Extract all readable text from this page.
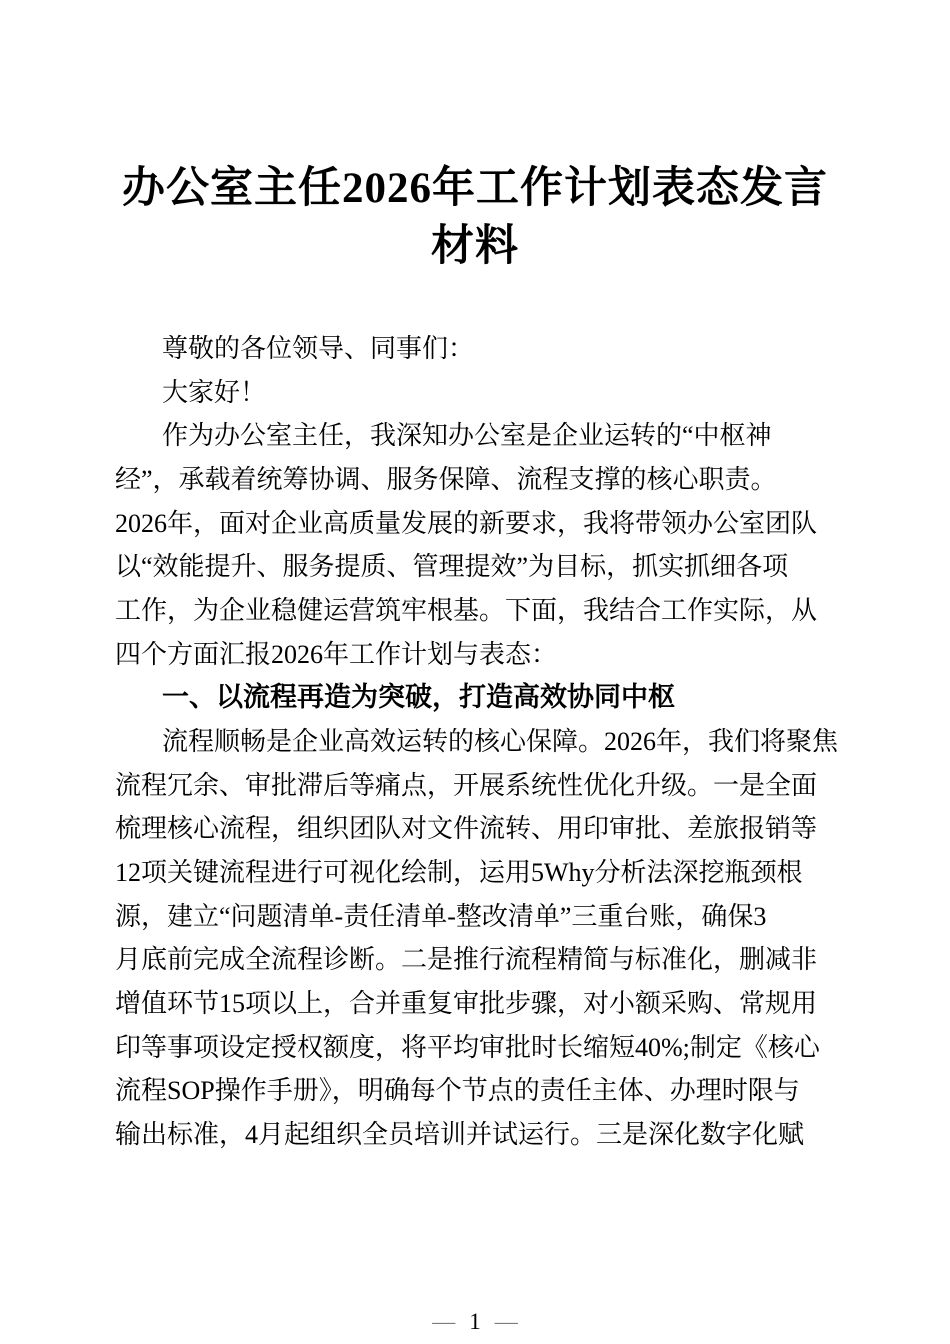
办公室主任2026年工作计划表态发言
材料
尊敬的各位领导、同事们：
大家好！
作为办公室主任，我深知办公室是企业运转的“中枢神
经”，承载着统筹协调、服务保障、流程支撑的核心职责。
2026年，面对企业高质量发展的新要求，我将带领办公室团队
以“效能提升、服务提质、管理提效”为目标，抓实抓细各项
工作，为企业稳健运营筑牢根基。下面，我结合工作实际，从
四个方面汇报2026年工作计划与表态：
一、以流程再造为突破，打造高效协同中枢
流程顺畅是企业高效运转的核心保障。2026年，我们将聚焦
流程冗余、审批滞后等痛点，开展系统性优化升级。一是全面
梳理核心流程，组织团队对文件流转、用印审批、差旅报销等
12项关键流程进行可视化绘制，运用5Why分析法深挖瓶颈根
源，建立“问题清单-责任清单-整改清单”三重台账，确保3
月底前完成全流程诊断。二是推行流程精简与标准化，删减非
增值环节15项以上，合并重复审批步骤，对小额采购、常规用
印等事项设定授权额度，将平均审批时长缩短40%;制定《核心
流程SOP操作手册》，明确每个节点的责任主体、办理时限与
输出标准，4月起组织全员培训并试运行。三是深化数字化赋
— 1 —
